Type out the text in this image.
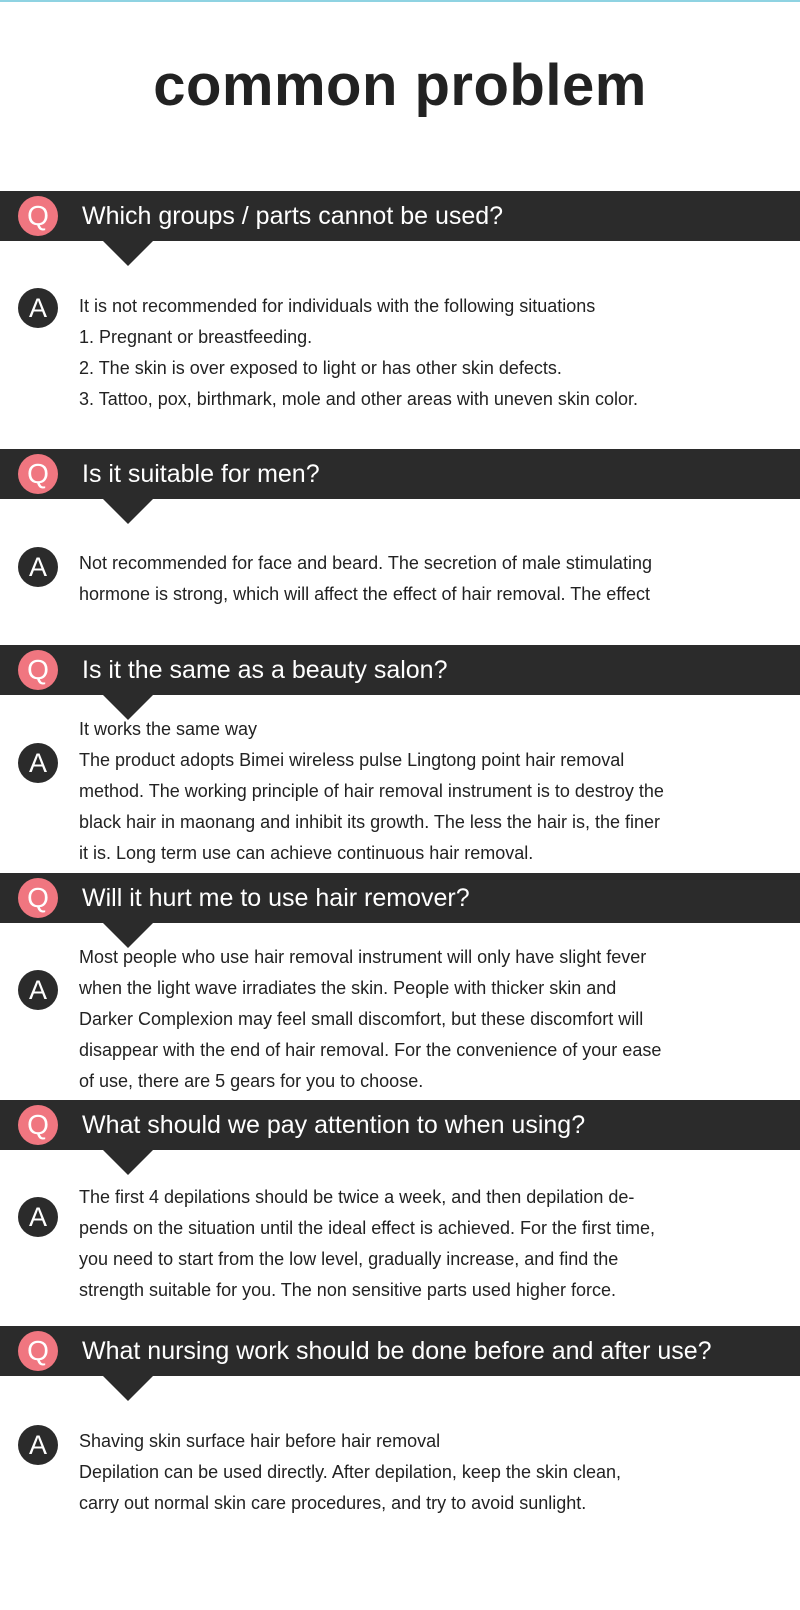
common problem
Q	Which groups / parts cannot be used?
A	It is not recommended for individuals with the following situations

1. Pregnant or breastfeeding.

2. The skin is over exposed to light or has other skin defects.

3. Tattoo, pox, birthmark, mole and other areas with uneven skin color.

Q	Is it suitable for men?
A	Not recommended for face and beard. The secretion of male stimulating

hormone is strong, which will affect the effect of hair removal. The effect

Q	Is it the same as a beauty salon?
A

It works the same way

The product adopts Bimei wireless pulse Lingtong point hair removal

method. The working principle of hair removal instrument is to destroy the

black hair in maonang and inhibit its growth. The less the hair is, the finer

it is. Long term use can achieve continuous hair removal.

Q	Will it hurt me to use hair remover?
A

Most people who use hair removal instrument will only have slight fever

when the light wave irradiates the skin. People with thicker skin and

Darker Complexion may feel small discomfort, but these discomfort will

disappear with the end of hair removal. For the convenience of your ease

of use, there are 5 gears for you to choose.

Q	What should we pay attention to when using?
A

The first 4 depilations should be twice a week, and then depilation de-

pends on the situation until the ideal effect is achieved. For the first time,

you need to start from the low level, gradually increase, and find the

strength suitable for you. The non sensitive parts used higher force.

Q	What nursing work should be done before and after use?
A	Shaving skin surface hair before hair removal

Depilation can be used directly. After depilation, keep the skin clean,

carry out normal skin care procedures, and try to avoid sunlight.
